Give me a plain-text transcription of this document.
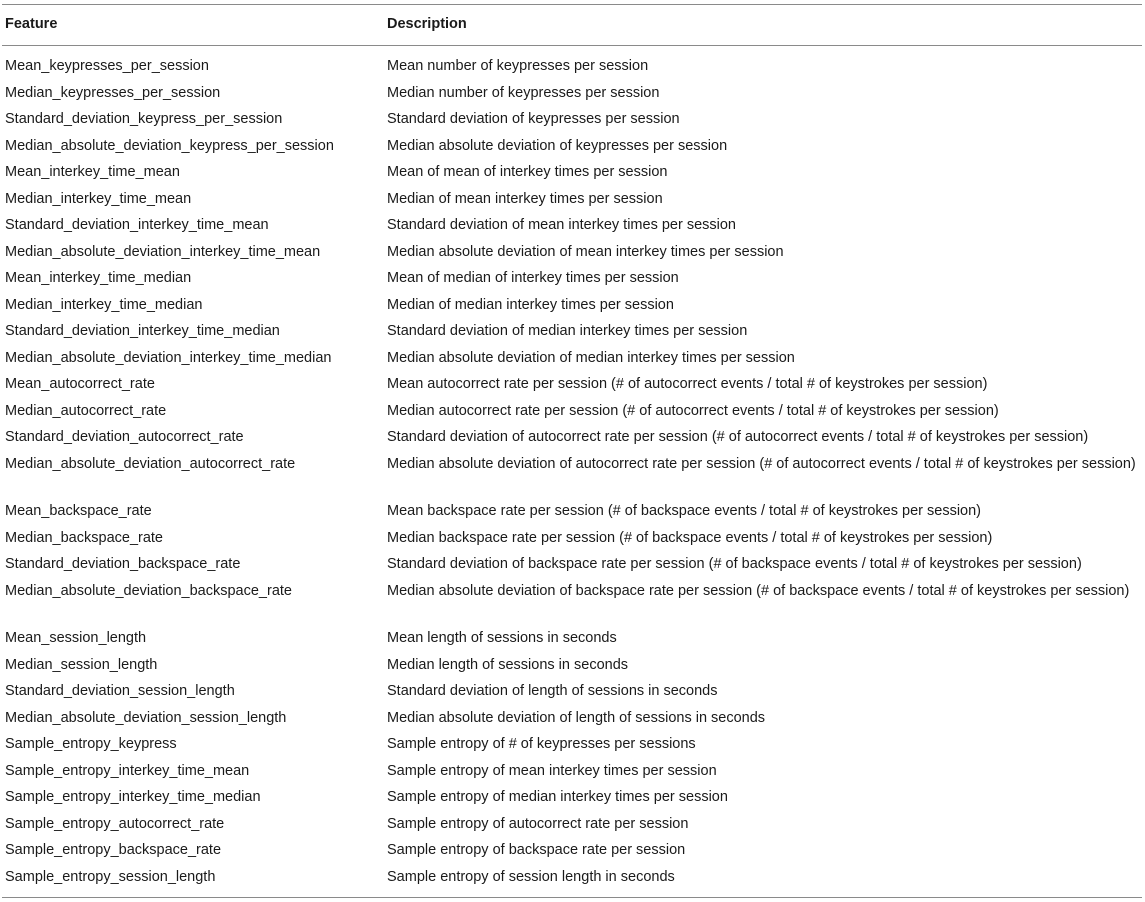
Feature	Description
Mean_keypresses_per_session	Mean number of keypresses per session
Median_keypresses_per_session	Median number of keypresses per session
Standard_deviation_keypress_per_session	Standard deviation of keypresses per session
Median_absolute_deviation_keypress_per_session	Median absolute deviation of keypresses per session
Mean_interkey_time_mean	Mean of mean of interkey times per session
Median_interkey_time_mean	Median of mean interkey times per session
Standard_deviation_interkey_time_mean	Standard deviation of mean interkey times per session
Median_absolute_deviation_interkey_time_mean	Median absolute deviation of mean interkey times per session
Mean_interkey_time_median	Mean of median of interkey times per session
Median_interkey_time_median	Median of median interkey times per session
Standard_deviation_interkey_time_median	Standard deviation of median interkey times per session
Median_absolute_deviation_interkey_time_median	Median absolute deviation of median interkey times per session
Mean_autocorrect_rate	Mean autocorrect rate per session (# of autocorrect events / total # of keystrokes per session)
Median_autocorrect_rate	Median autocorrect rate per session (# of autocorrect events / total # of keystrokes per session)
Standard_deviation_autocorrect_rate	Standard deviation of autocorrect rate per session (# of autocorrect events / total # of keystrokes per session)
Median_absolute_deviation_autocorrect_rate	Median absolute deviation of autocorrect rate per session (# of autocorrect events / total # of keystrokes per session)
Mean_backspace_rate	Mean backspace rate per session (# of backspace events / total # of keystrokes per session)
Median_backspace_rate	Median backspace rate per session (# of backspace events / total # of keystrokes per session)
Standard_deviation_backspace_rate	Standard deviation of backspace rate per session (# of backspace events / total # of keystrokes per session)
Median_absolute_deviation_backspace_rate	Median absolute deviation of backspace rate per session (# of backspace events / total # of keystrokes per session)
Mean_session_length	Mean length of sessions in seconds
Median_session_length	Median length of sessions in seconds
Standard_deviation_session_length	Standard deviation of length of sessions in seconds
Median_absolute_deviation_session_length	Median absolute deviation of length of sessions in seconds
Sample_entropy_keypress	Sample entropy of # of keypresses per sessions
Sample_entropy_interkey_time_mean	Sample entropy of mean interkey times per session
Sample_entropy_interkey_time_median	Sample entropy of median interkey times per session
Sample_entropy_autocorrect_rate	Sample entropy of autocorrect rate per session
Sample_entropy_backspace_rate	Sample entropy of backspace rate per session
Sample_entropy_session_length	Sample entropy of session length in seconds
